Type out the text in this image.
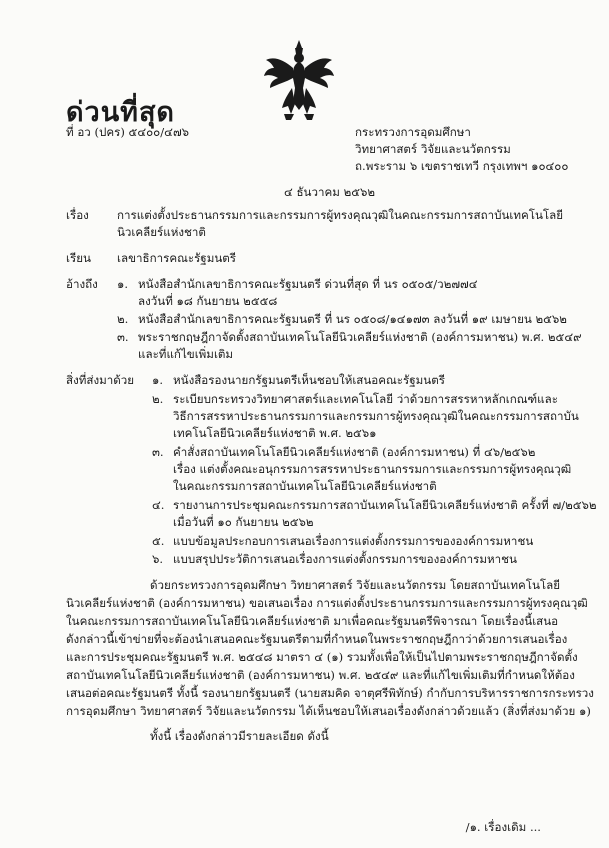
ด่วนที่สุด
ที่ อว (ปคร) ๕๔๐๐/๔๗๖	กระทรวงการอุดมศึกษา
วิทยาศาสตร์ วิจัยและนวัตกรรม
ถ.พระราม ๖ เขตราชเทวี กรุงเทพฯ ๑๐๔๐๐
๔ ธันวาคม ๒๕๖๒
เรื่อง การแต่งตั้งประธานกรรมการและกรรมการผู้ทรงคุณวุฒิในคณะกรรมการสถาบันเทคโนโลยี
นิวเคลียร์แห่งชาติ
เรียน เลขาธิการคณะรัฐมนตรี
อ้างถึง ๑. หนังสือสำนักเลขาธิการคณะรัฐมนตรี ด่วนที่สุด ที่ นร ๐๕๐๕/ว๒๗๗๔
ลงวันที่ ๑๘ กันยายน ๒๕๕๘
๒. หนังสือสำนักเลขาธิการคณะรัฐมนตรี ที่ นร ๐๕๐๘/๑๔๑๗๓ ลงวันที่ ๑๙ เมษายน ๒๕๖๒
๓. พระราชกฤษฎีกาจัดตั้งสถาบันเทคโนโลยีนิวเคลียร์แห่งชาติ (องค์การมหาชน) พ.ศ. ๒๕๔๙
และที่แก้ไขเพิ่มเติม
สิ่งที่ส่งมาด้วย ๑. หนังสือรองนายกรัฐมนตรีเห็นชอบให้เสนอคณะรัฐมนตรี
๒. ระเบียบกระทรวงวิทยาศาสตร์และเทคโนโลยี ว่าด้วยการสรรหาหลักเกณฑ์และ
วิธีการสรรหาประธานกรรมการและกรรมการผู้ทรงคุณวุฒิในคณะกรรมการสถาบัน
เทคโนโลยีนิวเคลียร์แห่งชาติ พ.ศ. ๒๕๖๑
๓. คำสั่งสถาบันเทคโนโลยีนิวเคลียร์แห่งชาติ (องค์การมหาชน) ที่ ๔๖/๒๕๖๒
เรื่อง แต่งตั้งคณะอนุกรรมการสรรหาประธานกรรมการและกรรมการผู้ทรงคุณวุฒิ
ในคณะกรรมการสถาบันเทคโนโลยีนิวเคลียร์แห่งชาติ
๔. รายงานการประชุมคณะกรรมการสถาบันเทคโนโลยีนิวเคลียร์แห่งชาติ ครั้งที่ ๗/๒๕๖๒
เมื่อวันที่ ๑๐ กันยายน ๒๕๖๒
๕. แบบข้อมูลประกอบการเสนอเรื่องการแต่งตั้งกรรมการขององค์การมหาชน
๖. แบบสรุปประวัติการเสนอเรื่องการแต่งตั้งกรรมการขององค์การมหาชน
ด้วยกระทรวงการอุดมศึกษา วิทยาศาสตร์ วิจัยและนวัตกรรม โดยสถาบันเทคโนโลยี
นิวเคลียร์แห่งชาติ (องค์การมหาชน) ขอเสนอเรื่อง การแต่งตั้งประธานกรรมการและกรรมการผู้ทรงคุณวุฒิ
ในคณะกรรมการสถาบันเทคโนโลยีนิวเคลียร์แห่งชาติ มาเพื่อคณะรัฐมนตรีพิจารณา โดยเรื่องนี้เสนอ
ดังกล่าวนี้เข้าข่ายที่จะต้องนำเสนอคณะรัฐมนตรีตามที่กำหนดในพระราชกฤษฎีกาว่าด้วยการเสนอเรื่อง
และการประชุมคณะรัฐมนตรี พ.ศ. ๒๕๔๘ มาตรา ๔ (๑) รวมทั้งเพื่อให้เป็นไปตามพระราชกฤษฎีกาจัดตั้ง
สถาบันเทคโนโลยีนิวเคลียร์แห่งชาติ (องค์การมหาชน) พ.ศ. ๒๕๔๙ และที่แก้ไขเพิ่มเติมที่กำหนดให้ต้อง
เสนอต่อคณะรัฐมนตรี ทั้งนี้ รองนายกรัฐมนตรี (นายสมคิด จาตุศรีพิทักษ์) กำกับการบริหารราชการกระทรวง
การอุดมศึกษา วิทยาศาสตร์ วิจัยและนวัตกรรม ได้เห็นชอบให้เสนอเรื่องดังกล่าวด้วยแล้ว (สิ่งที่ส่งมาด้วย ๑)
ทั้งนี้ เรื่องดังกล่าวมีรายละเอียด ดังนี้
/๑. เรื่องเดิม ...
